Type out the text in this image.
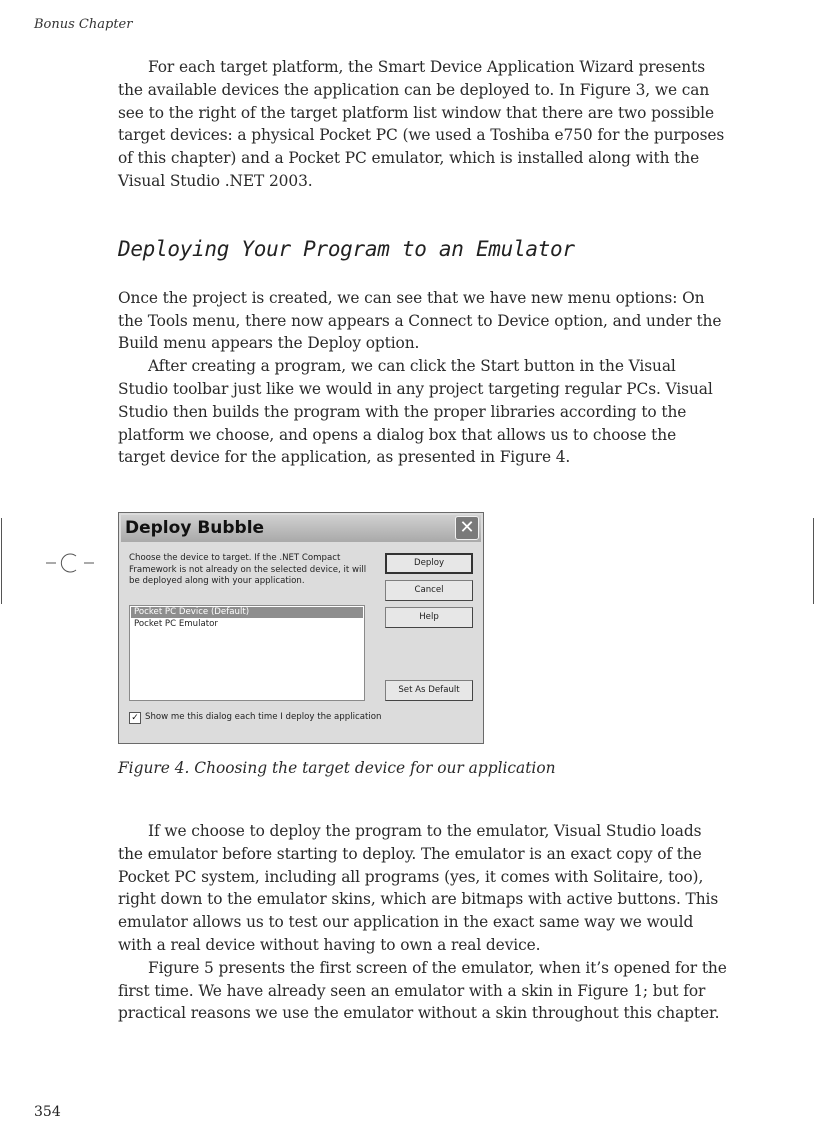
Bonus Chapter

For each target platform, the Smart Device Application Wizard presents the available devices the application can be deployed to. In Figure 3, we can see to the right of the target platform list window that there are two possible target devices: a physical Pocket PC (we used a Toshiba e750 for the purposes of this chapter) and a Pocket PC emulator, which is installed along with the Visual Studio .NET 2003.

Deploying Your Program to an Emulator

Once the project is created, we can see that we have new menu options: On the Tools menu, there now appears a Connect to Device option, and under the Build menu appears the Deploy option.

After creating a program, we can click the Start button in the Visual Studio toolbar just like we would in any project targeting regular PCs. Visual Studio then builds the program with the proper libraries according to the platform we choose, and opens a dialog box that allows us to choose the target device for the application, as presented in Figure 4.

Deploy Bubble	✕

Choose the device to target. If the .NET Compact Framework is not already on the selected device, it will be deployed along with your application.

Pocket PC Device (Default)
Pocket PC Emulator
Deploy
Cancel
Help
Set As Default
✓ Show me this dialog each time I deploy the application

Figure 4. Choosing the target device for our application

If we choose to deploy the program to the emulator, Visual Studio loads the emulator before starting to deploy. The emulator is an exact copy of the Pocket PC system, including all programs (yes, it comes with Solitaire, too), right down to the emulator skins, which are bitmaps with active buttons. This emulator allows us to test our application in the exact same way we would with a real device without having to own a real device.

Figure 5 presents the first screen of the emulator, when it’s opened for the first time. We have already seen an emulator with a skin in Figure 1; but for practical reasons we use the emulator without a skin throughout this chapter.

354
